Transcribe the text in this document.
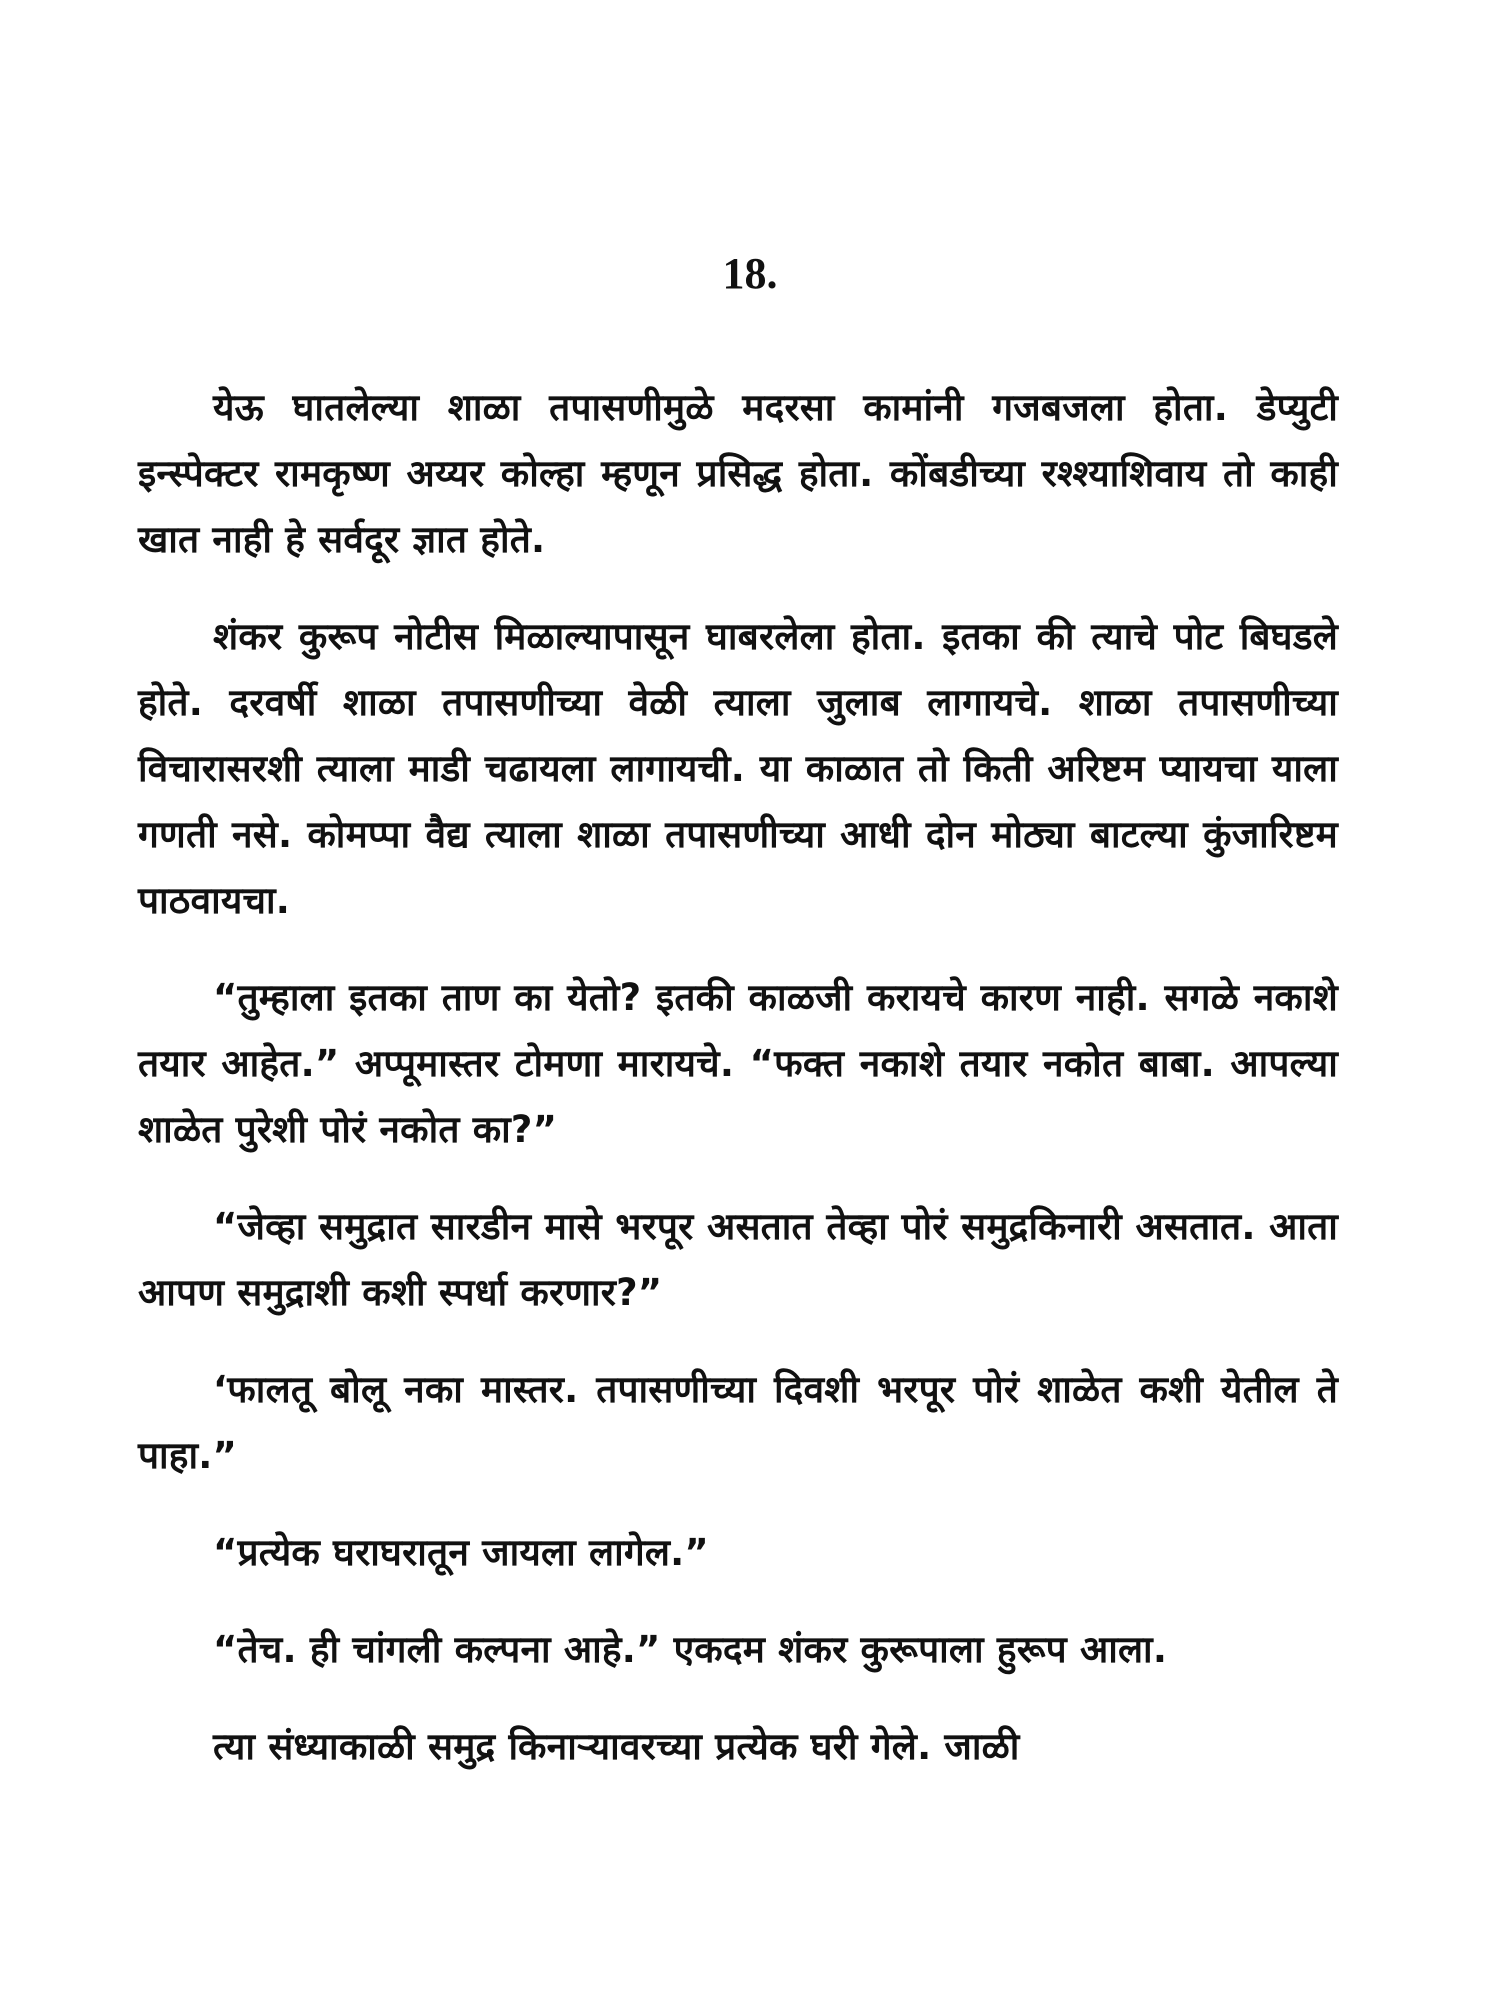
18.

येऊ घातलेल्या शाळा तपासणीमुळे मदरसा कामांनी गजबजला होता. डेप्युटी इन्स्पेक्टर रामकृष्ण अय्यर कोल्हा म्हणून प्रसिद्ध होता. कोंबडीच्या रश्श्याशिवाय तो काही खात नाही हे सर्वदूर ज्ञात होते.

शंकर कुरूप नोटीस मिळाल्यापासून घाबरलेला होता. इतका की त्याचे पोट बिघडले होते. दरवर्षी शाळा तपासणीच्या वेळी त्याला जुलाब लागायचे. शाळा तपासणीच्या विचारासरशी त्याला माडी चढायला लागायची. या काळात तो किती अरिष्टम प्यायचा याला गणती नसे. कोमप्पा वैद्य त्याला शाळा तपासणीच्या आधी दोन मोठ्या बाटल्या कुंजारिष्टम पाठवायचा.

“तुम्हाला इतका ताण का येतो? इतकी काळजी करायचे कारण नाही. सगळे नकाशे तयार आहेत.” अप्पूमास्तर टोमणा मारायचे. “फक्त नकाशे तयार नकोत बाबा. आपल्या शाळेत पुरेशी पोरं नकोत का?”

“जेव्हा समुद्रात सारडीन मासे भरपूर असतात तेव्हा पोरं समुद्रकिनारी असतात. आता आपण समुद्राशी कशी स्पर्धा करणार?”

‘फालतू बोलू नका मास्तर. तपासणीच्या दिवशी भरपूर पोरं शाळेत कशी येतील ते पाहा.”

“प्रत्येक घराघरातून जायला लागेल.”

“तेच. ही चांगली कल्पना आहे.” एकदम शंकर कुरूपाला हुरूप आला.

त्या संध्याकाळी समुद्र किनाऱ्यावरच्या प्रत्येक घरी गेले. जाळी
